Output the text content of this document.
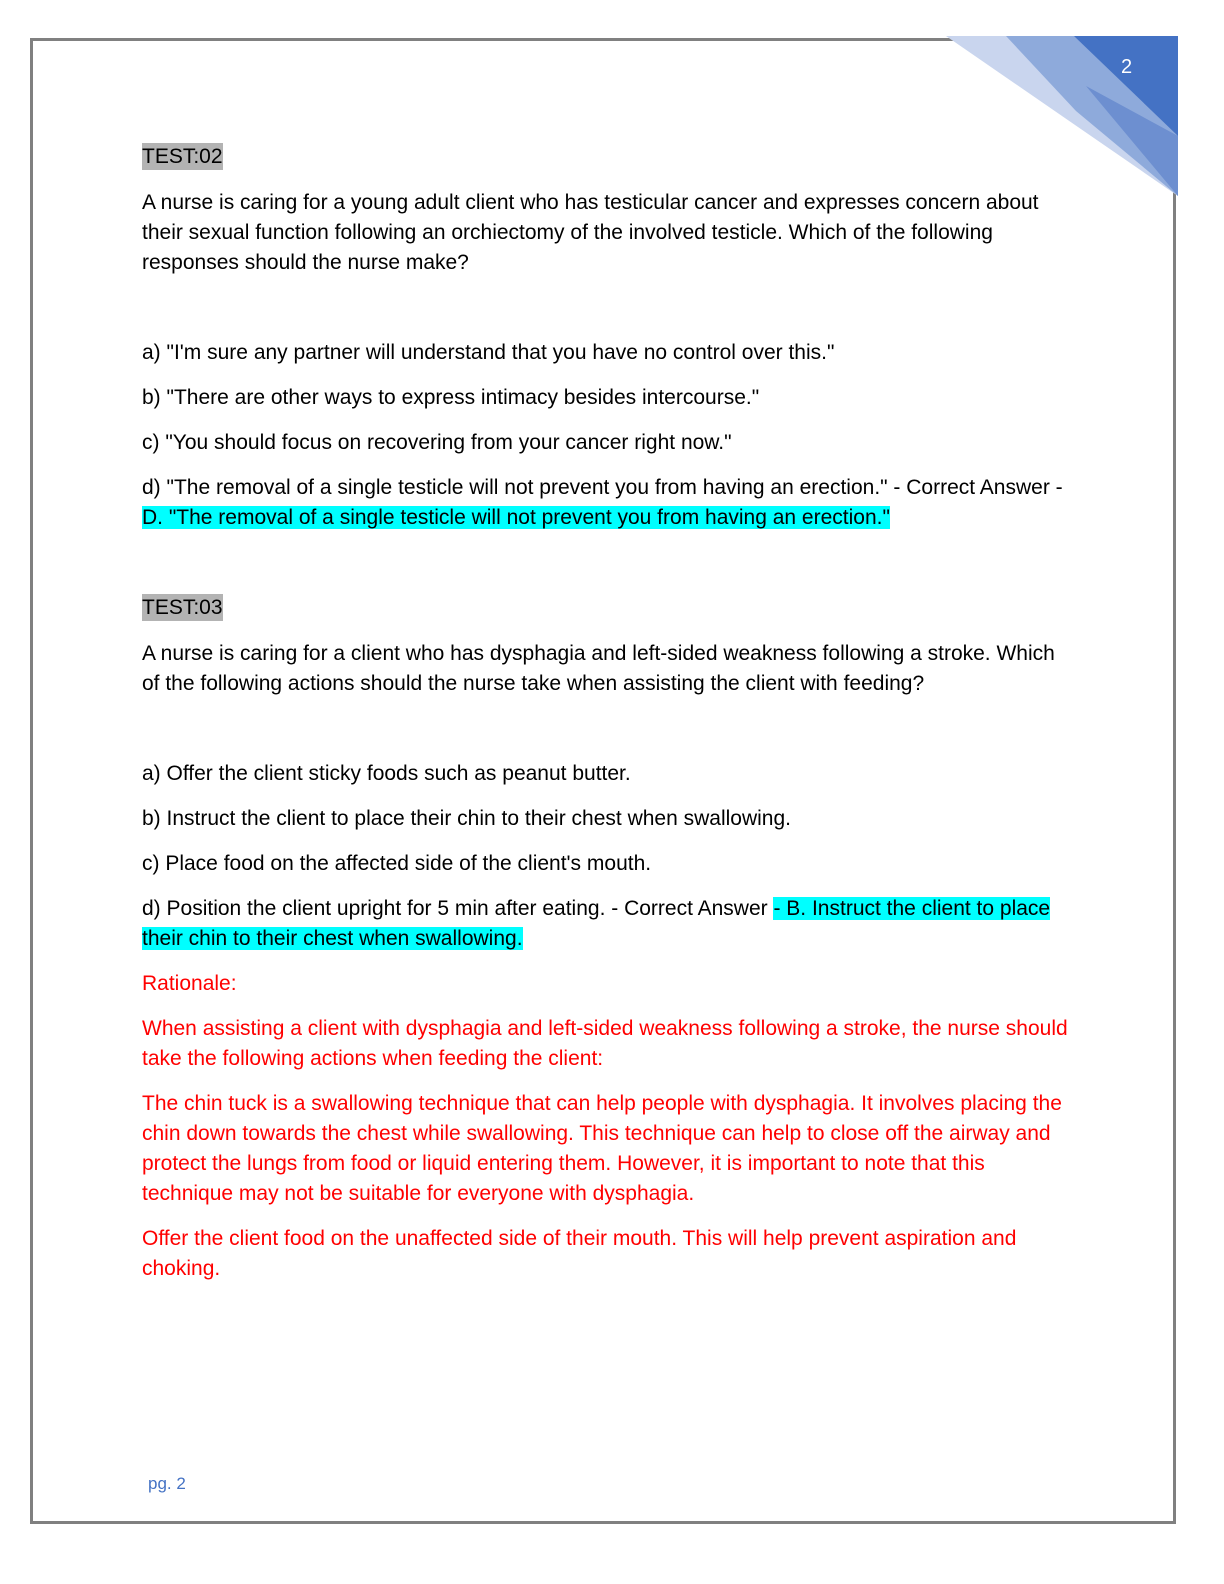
2

TEST:02

A nurse is caring for a young adult client who has testicular cancer and expresses concern about their sexual function following an orchiectomy of the involved testicle. Which of the following responses should the nurse make?

a) "I'm sure any partner will understand that you have no control over this."

b) "There are other ways to express intimacy besides intercourse."

c) "You should focus on recovering from your cancer right now."

d) "The removal of a single testicle will not prevent you from having an erection." - Correct Answer - D. "The removal of a single testicle will not prevent you from having an erection."

TEST:03

A nurse is caring for a client who has dysphagia and left-sided weakness following a stroke. Which of the following actions should the nurse take when assisting the client with feeding?

a) Offer the client sticky foods such as peanut butter.

b) Instruct the client to place their chin to their chest when swallowing.

c) Place food on the affected side of the client's mouth.

d) Position the client upright for 5 min after eating. - Correct Answer - B. Instruct the client to place their chin to their chest when swallowing.

Rationale:

When assisting a client with dysphagia and left-sided weakness following a stroke, the nurse should take the following actions when feeding the client:

The chin tuck is a swallowing technique that can help people with dysphagia. It involves placing the chin down towards the chest while swallowing. This technique can help to close off the airway and protect the lungs from food or liquid entering them. However, it is important to note that this technique may not be suitable for everyone with dysphagia.

Offer the client food on the unaffected side of their mouth. This will help prevent aspiration and choking.

pg. 2
